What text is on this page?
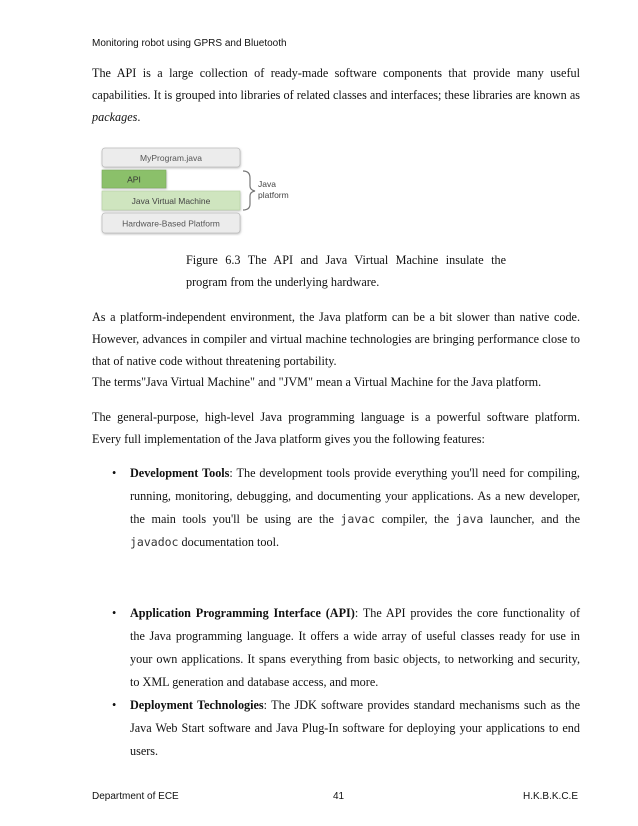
Monitoring robot using GPRS and Bluetooth
The API is a large collection of ready-made software components that provide many useful capabilities. It is grouped into libraries of related classes and interfaces; these libraries are known as packages.
MyProgram.java
API
Java Virtual Machine
Hardware-Based Platform
Java
platform
Figure 6.3 The API and Java Virtual Machine insulate the program from the underlying hardware.
As a platform-independent environment, the Java platform can be a bit slower than native code. However, advances in compiler and virtual machine technologies are bringing performance close to that of native code without threatening portability.
The terms"Java Virtual Machine" and "JVM" mean a Virtual Machine for the Java platform.
The general-purpose, high-level Java programming language is a powerful software platform. Every full implementation of the Java platform gives you the following features:
• Development Tools: The development tools provide everything you'll need for compiling, running, monitoring, debugging, and documenting your applications. As a new developer, the main tools you'll be using are the javac compiler, the java launcher, and the javadoc documentation tool.
• Application Programming Interface (API): The API provides the core functionality of the Java programming language. It offers a wide array of useful classes ready for use in your own applications. It spans everything from basic objects, to networking and security, to XML generation and database access, and more.
• Deployment Technologies: The JDK software provides standard mechanisms such as the Java Web Start software and Java Plug-In software for deploying your applications to end users.
Department of ECE	41	H.K.B.K.C.E
